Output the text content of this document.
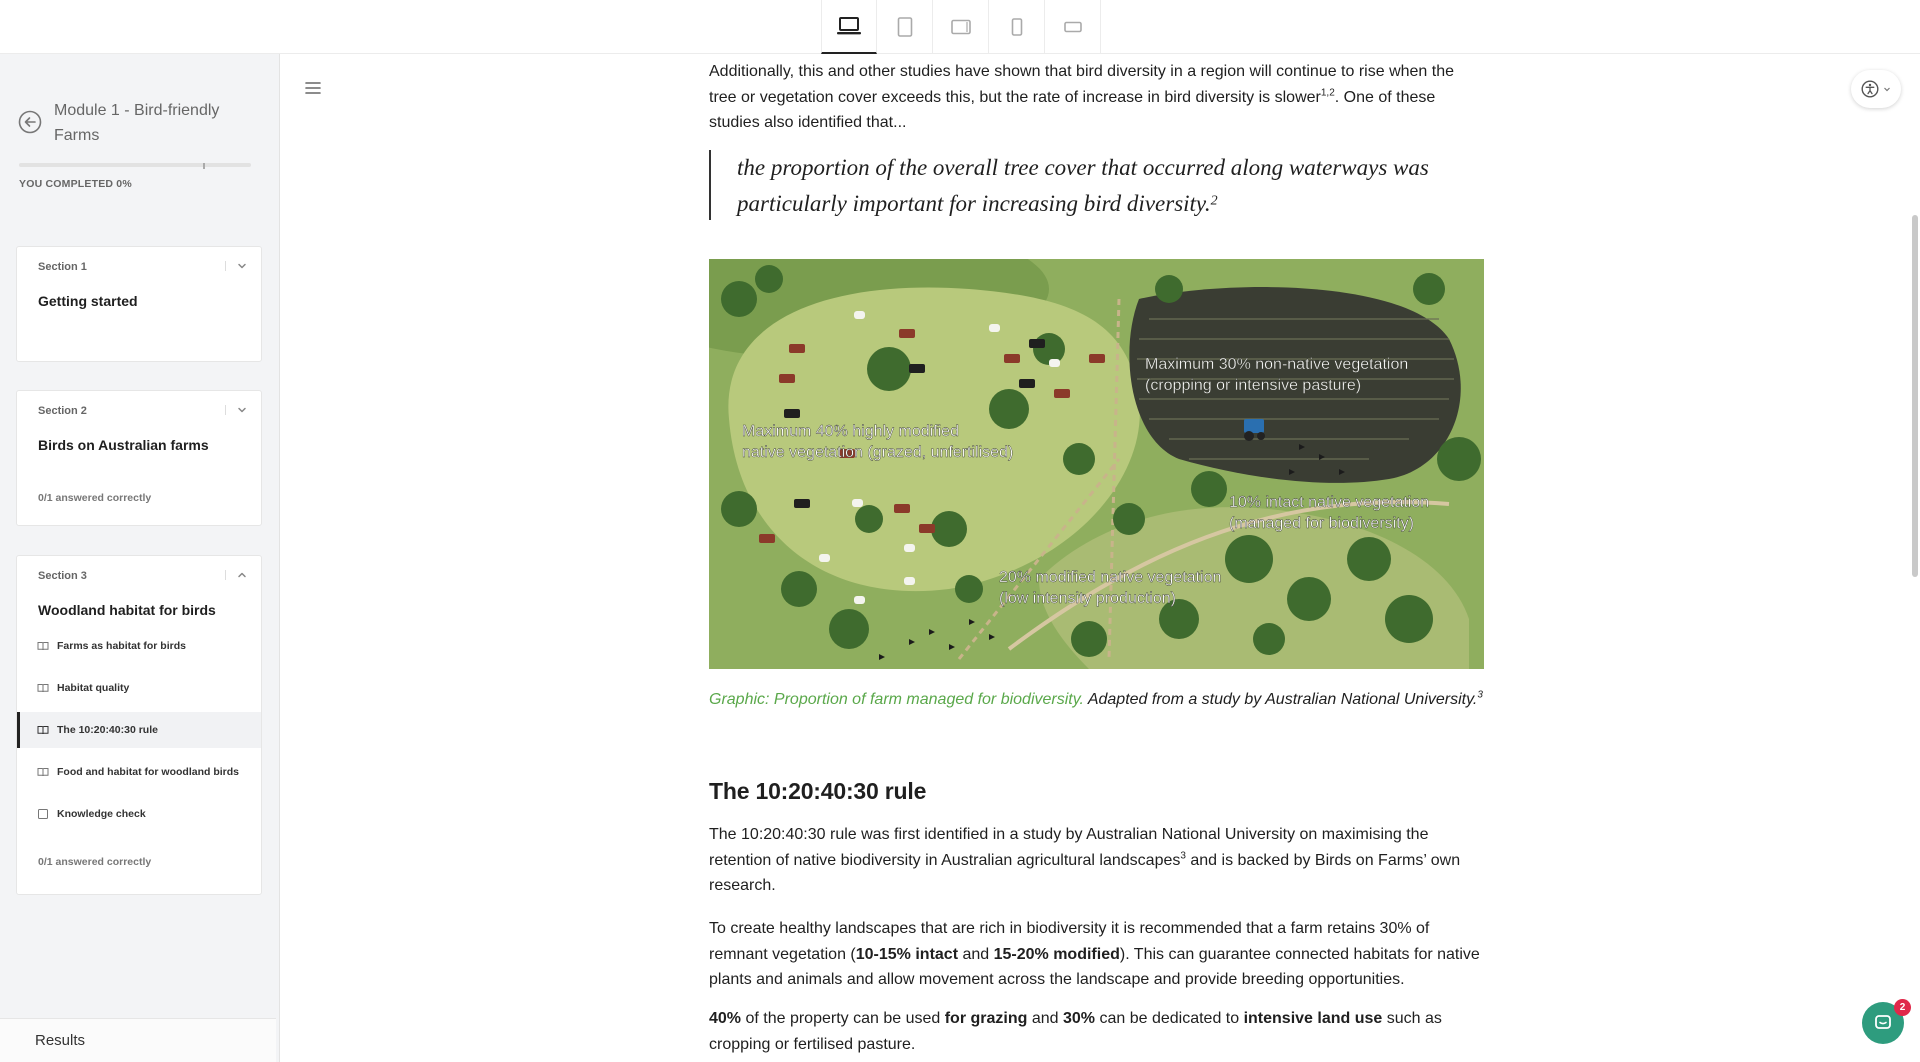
Module 1 - Bird-friendly Farms
YOU COMPLETED 0%
Section 1
Getting started
Section 2
Birds on Australian farms
0/1 answered correctly
Section 3
Woodland habitat for birds
Farms as habitat for birds
Habitat quality
The 10:20:40:30 rule
Food and habitat for woodland birds
Knowledge check
0/1 answered correctly
Results

Additionally, this and other studies have shown that bird diversity in a region will continue to rise when the tree or vegetation cover exceeds this, but the rate of increase in bird diversity is slower$^{1,2}$. One of these studies also identified that...

the proportion of the overall tree cover that occurred along waterways was particularly important for increasing bird diversity.$^2$
Maximum 30% non-native vegetation
(cropping or intensive pasture)
Maximum 40% highly modified
native vegetation (grazed, unfertilised)
10% intact native vegetation
(managed for biodiversity)
20% modified native vegetation
(low intensity production)
Graphic: Proportion of farm managed for biodiversity. Adapted from a study by Australian National University.$^3$
The 10:20:40:30 rule

The 10:20:40:30 rule was first identified in a study by Australian National University on maximising the retention of native biodiversity in Australian agricultural landscapes$^3$ and is backed by Birds on Farms’ own research.

To create healthy landscapes that are rich in biodiversity it is recommended that a farm retains 30% of remnant vegetation (10-15% intact and 15-20% modified). This can guarantee connected habitats for native plants and animals and allow movement across the landscape and provide breeding opportunities.

40% of the property can be used for grazing and 30% can be dedicated to intensive land use such as cropping or fertilised pasture.

2
